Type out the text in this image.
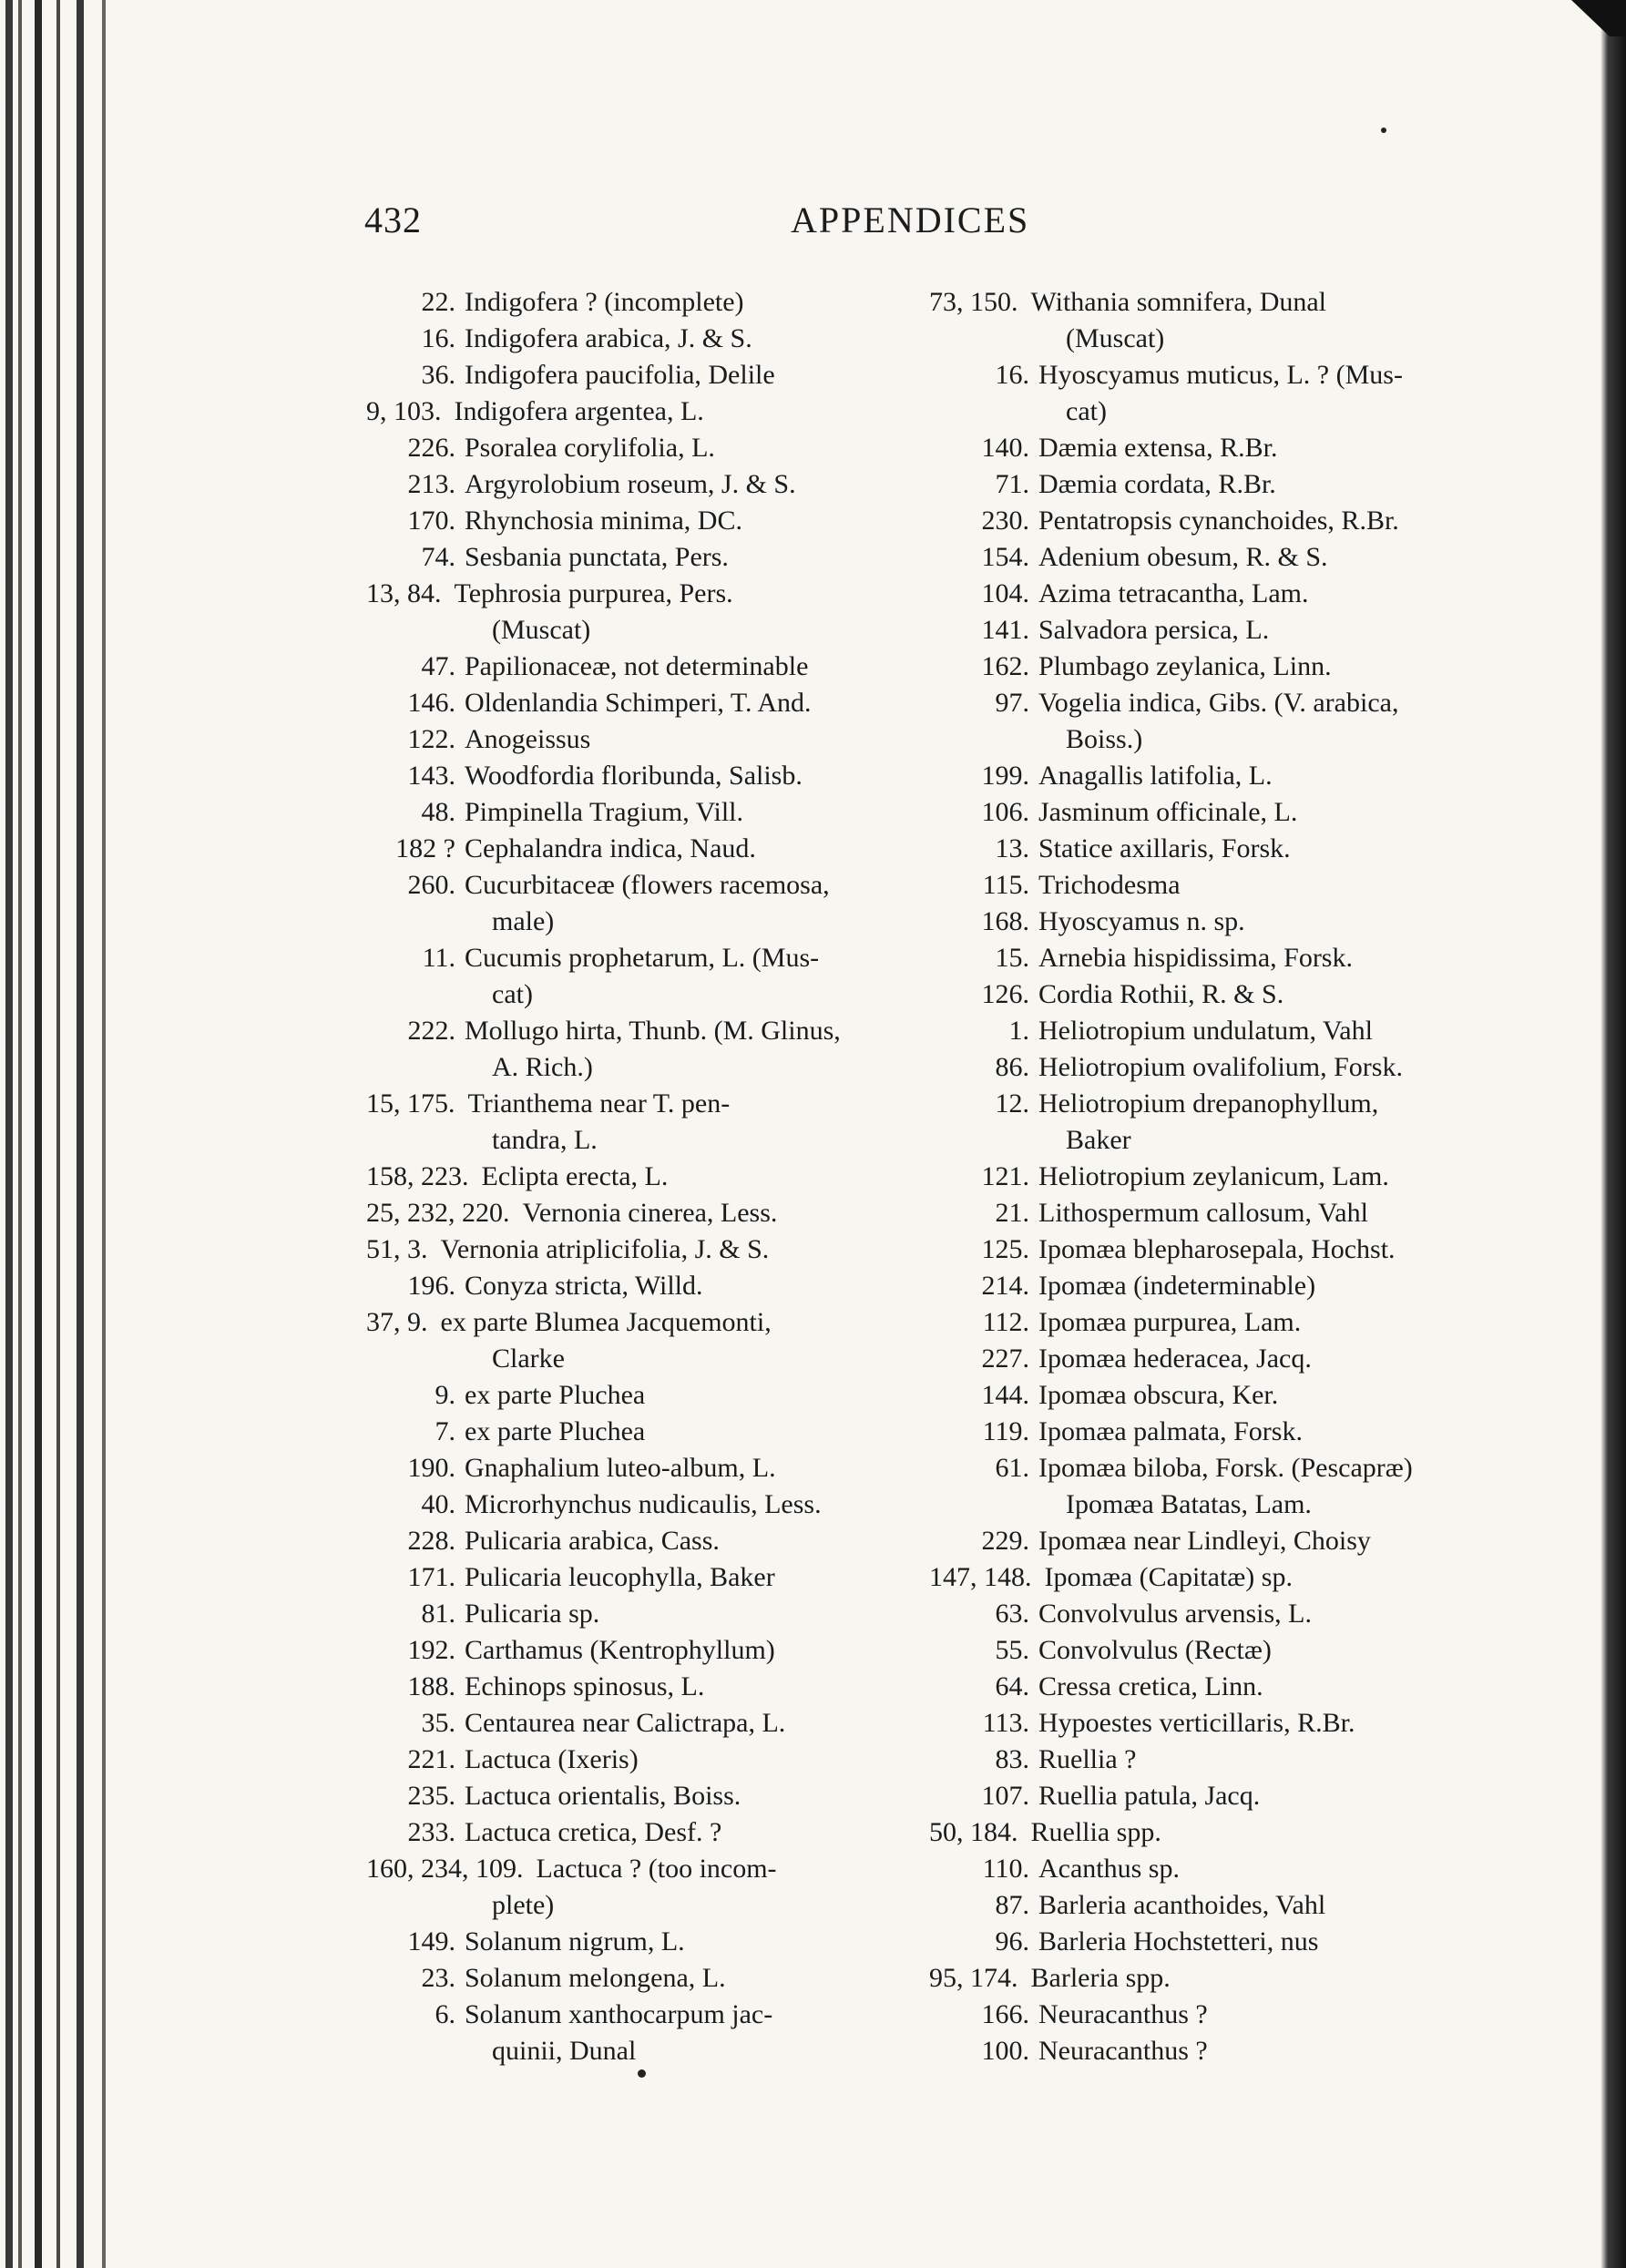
432	APPENDICES
22. Indigofera ? (incomplete)
16. Indigofera arabica, J. & S.
36. Indigofera paucifolia, Delile
9, 103. Indigofera argentea, L.
226. Psoralea corylifolia, L.
213. Argyrolobium roseum, J. & S.
170. Rhynchosia minima, DC.
74. Sesbania punctata, Pers.
13, 84. Tephrosia purpurea, Pers.
(Muscat)
47. Papilionaceæ, not determinable
146. Oldenlandia Schimperi, T. And.
122. Anogeissus
143. Woodfordia floribunda, Salisb.
48. Pimpinella Tragium, Vill.
182 ? Cephalandra indica, Naud.
260. Cucurbitaceæ (flowers racemosa,
male)
11. Cucumis prophetarum, L. (Mus-
cat)
222. Mollugo hirta, Thunb. (M. Glinus,
A. Rich.)
15, 175. Trianthema near T. pen-
tandra, L.
158, 223. Eclipta erecta, L.
25, 232, 220. Vernonia cinerea, Less.
51, 3. Vernonia atriplicifolia, J. & S.
196. Conyza stricta, Willd.
37, 9. ex parte Blumea Jacquemonti,
Clarke
9. ex parte Pluchea
7. ex parte Pluchea
190. Gnaphalium luteo-album, L.
40. Microrhynchus nudicaulis, Less.
228. Pulicaria arabica, Cass.
171. Pulicaria leucophylla, Baker
81. Pulicaria sp.
192. Carthamus (Kentrophyllum)
188. Echinops spinosus, L.
35. Centaurea near Calictrapa, L.
221. Lactuca (Ixeris)
235. Lactuca orientalis, Boiss.
233. Lactuca cretica, Desf. ?
160, 234, 109. Lactuca ? (too incom-
plete)
149. Solanum nigrum, L.
23. Solanum melongena, L.
6. Solanum xanthocarpum jac-
quinii, Dunal
73, 150. Withania somnifera, Dunal
(Muscat)
16. Hyoscyamus muticus, L. ? (Mus-
cat)
140. Dæmia extensa, R.Br.
71. Dæmia cordata, R.Br.
230. Pentatropsis cynanchoides, R.Br.
154. Adenium obesum, R. & S.
104. Azima tetracantha, Lam.
141. Salvadora persica, L.
162. Plumbago zeylanica, Linn.
97. Vogelia indica, Gibs. (V. arabica,
Boiss.)
199. Anagallis latifolia, L.
106. Jasminum officinale, L.
13. Statice axillaris, Forsk.
115. Trichodesma
168. Hyoscyamus n. sp.
15. Arnebia hispidissima, Forsk.
126. Cordia Rothii, R. & S.
1. Heliotropium undulatum, Vahl
86. Heliotropium ovalifolium, Forsk.
12. Heliotropium drepanophyllum,
Baker
121. Heliotropium zeylanicum, Lam.
21. Lithospermum callosum, Vahl
125. Ipomæa blepharosepala, Hochst.
214. Ipomæa (indeterminable)
112. Ipomæa purpurea, Lam.
227. Ipomæa hederacea, Jacq.
144. Ipomæa obscura, Ker.
119. Ipomæa palmata, Forsk.
61. Ipomæa biloba, Forsk. (Pescapræ)
Ipomæa Batatas, Lam.
229. Ipomæa near Lindleyi, Choisy
147, 148. Ipomæa (Capitatæ) sp.
63. Convolvulus arvensis, L.
55. Convolvulus (Rectæ)
64. Cressa cretica, Linn.
113. Hypoestes verticillaris, R.Br.
83. Ruellia ?
107. Ruellia patula, Jacq.
50, 184. Ruellia spp.
110. Acanthus sp.
87. Barleria acanthoides, Vahl
96. Barleria Hochstetteri, nus
95, 174. Barleria spp.
166. Neuracanthus ?
100. Neuracanthus ?
